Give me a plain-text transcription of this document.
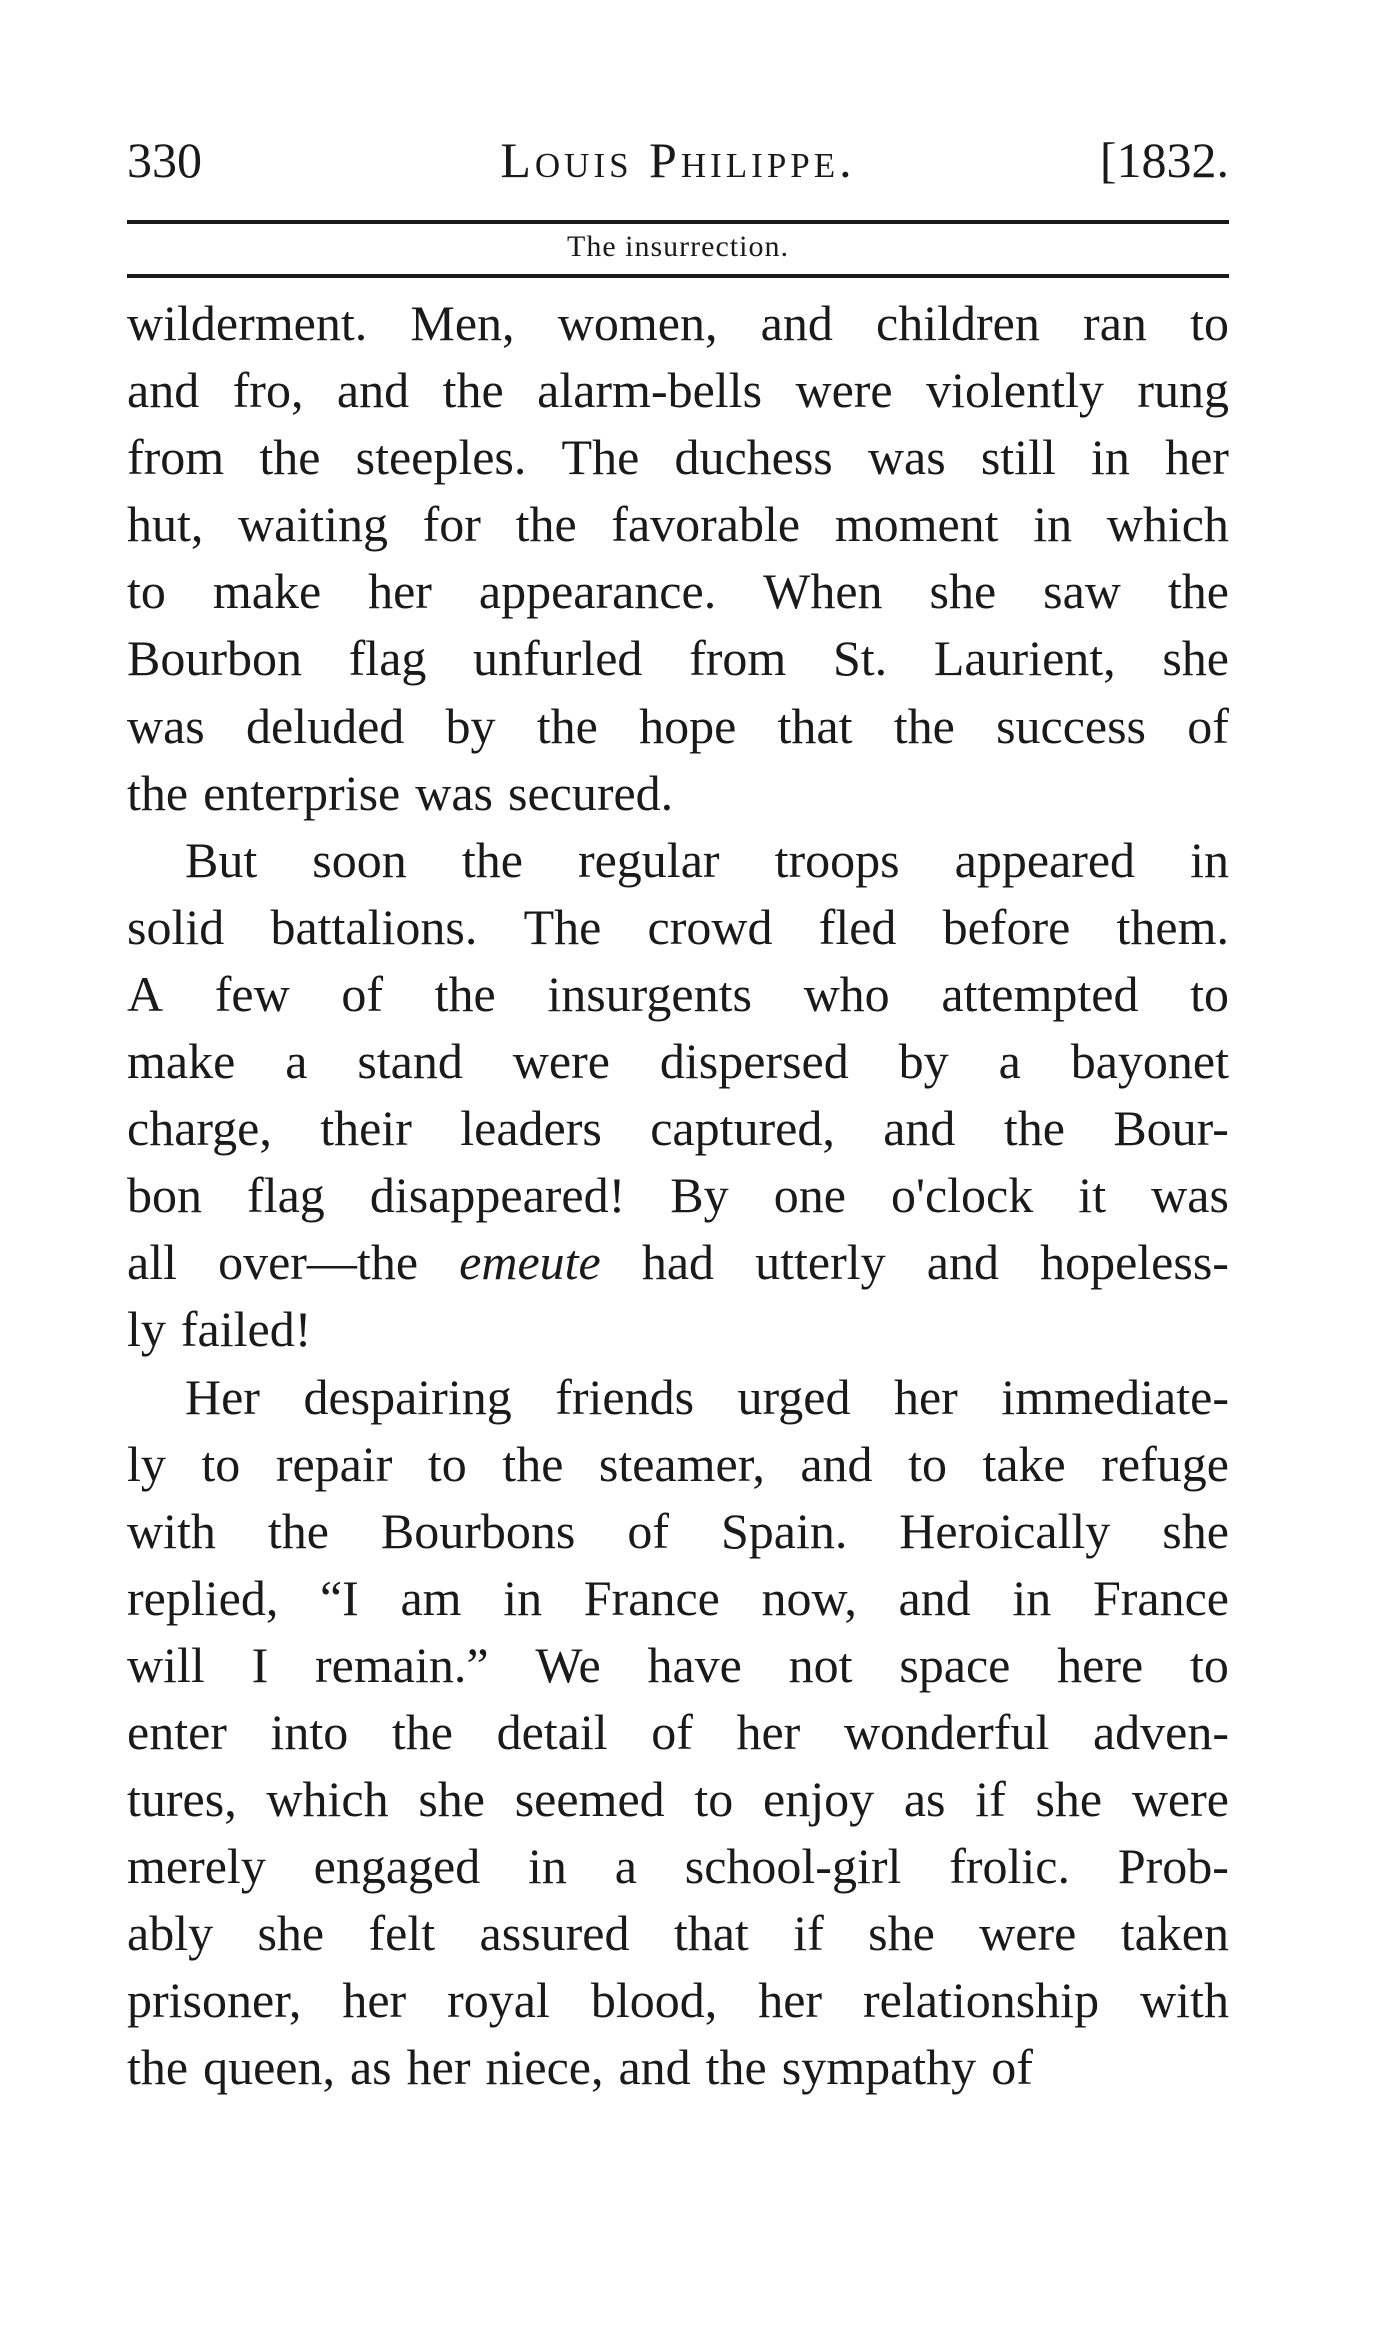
330	Louis Philippe.	[1832.
The insurrection.
wilderment. Men, women, and children ran to
and fro, and the alarm-bells were violently rung
from the steeples. The duchess was still in her
hut, waiting for the favorable moment in which
to make her appearance. When she saw the
Bourbon flag unfurled from St. Laurient, she
was deluded by the hope that the success of
the enterprise was secured.
But soon the regular troops appeared in
solid battalions. The crowd fled before them.
A few of the insurgents who attempted to
make a stand were dispersed by a bayonet
charge, their leaders captured, and the Bour-
bon flag disappeared! By one o'clock it was
all over—the emeute had utterly and hopeless-
ly failed!
Her despairing friends urged her immediate-
ly to repair to the steamer, and to take refuge
with the Bourbons of Spain. Heroically she
replied, “I am in France now, and in France
will I remain.” We have not space here to
enter into the detail of her wonderful adven-
tures, which she seemed to enjoy as if she were
merely engaged in a school-girl frolic. Prob-
ably she felt assured that if she were taken
prisoner, her royal blood, her relationship with
the queen, as her niece, and the sympathy of
